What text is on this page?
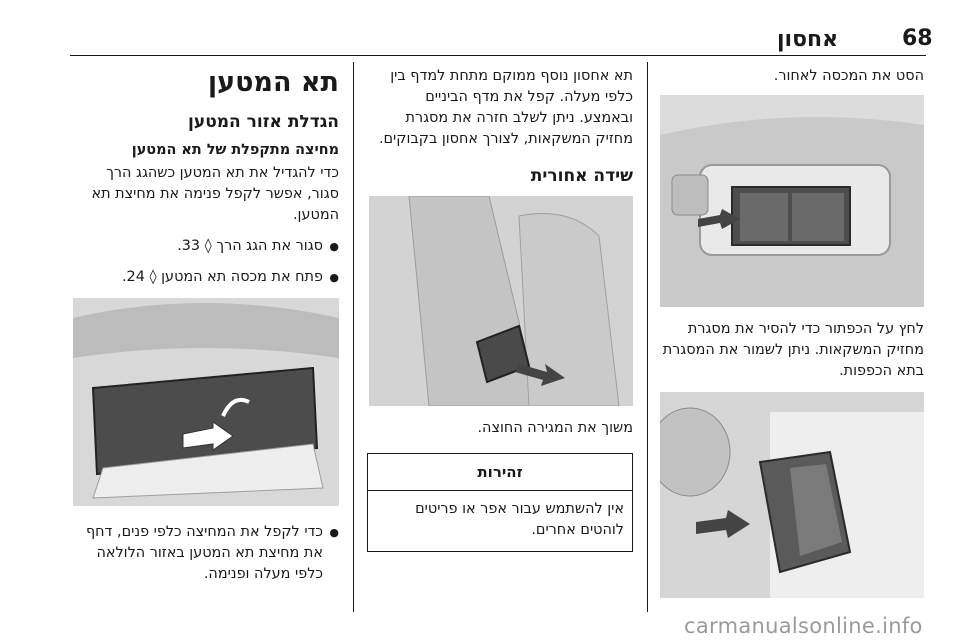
68
אחסון

הסט את המכסה לאחור.

לחץ על הכפתור כדי להסיר את מסגרת מחזיק המשקאות. ניתן לשמור את המסגרת בתא הכפפות.

תא אחסון נוסף ממוקם מתחת למדף בין כלפי מעלה. קפל את מדף הביניים ובאמצע. ניתן לשלב חזרה את מסגרת מחזיק המשקאות, לצורך אחסון בקבוקים.

שידה אחורית

משוך את המגירה החוצה.

זהירות
אין להשתמש עבור אפר או פריטים לוהטים אחרים.
תא המטען
הגדלת אזור המטען

מחיצה מתקפלת של תא המטען

כדי להגדיל את תא המטען כשהגג הרך סגור, אפשר לקפל פנימה את מחיצת תא המטען.

● סגור את הגג הרך ◊ 33.

● פתח את מכסה תא המטען ◊ 24.

● כדי לקפל את המחיצה כלפי פנים, דחף את מחיצת תא המטען באזור הלולאה כלפי מעלה ופנימה.

carmanualsonline.info
